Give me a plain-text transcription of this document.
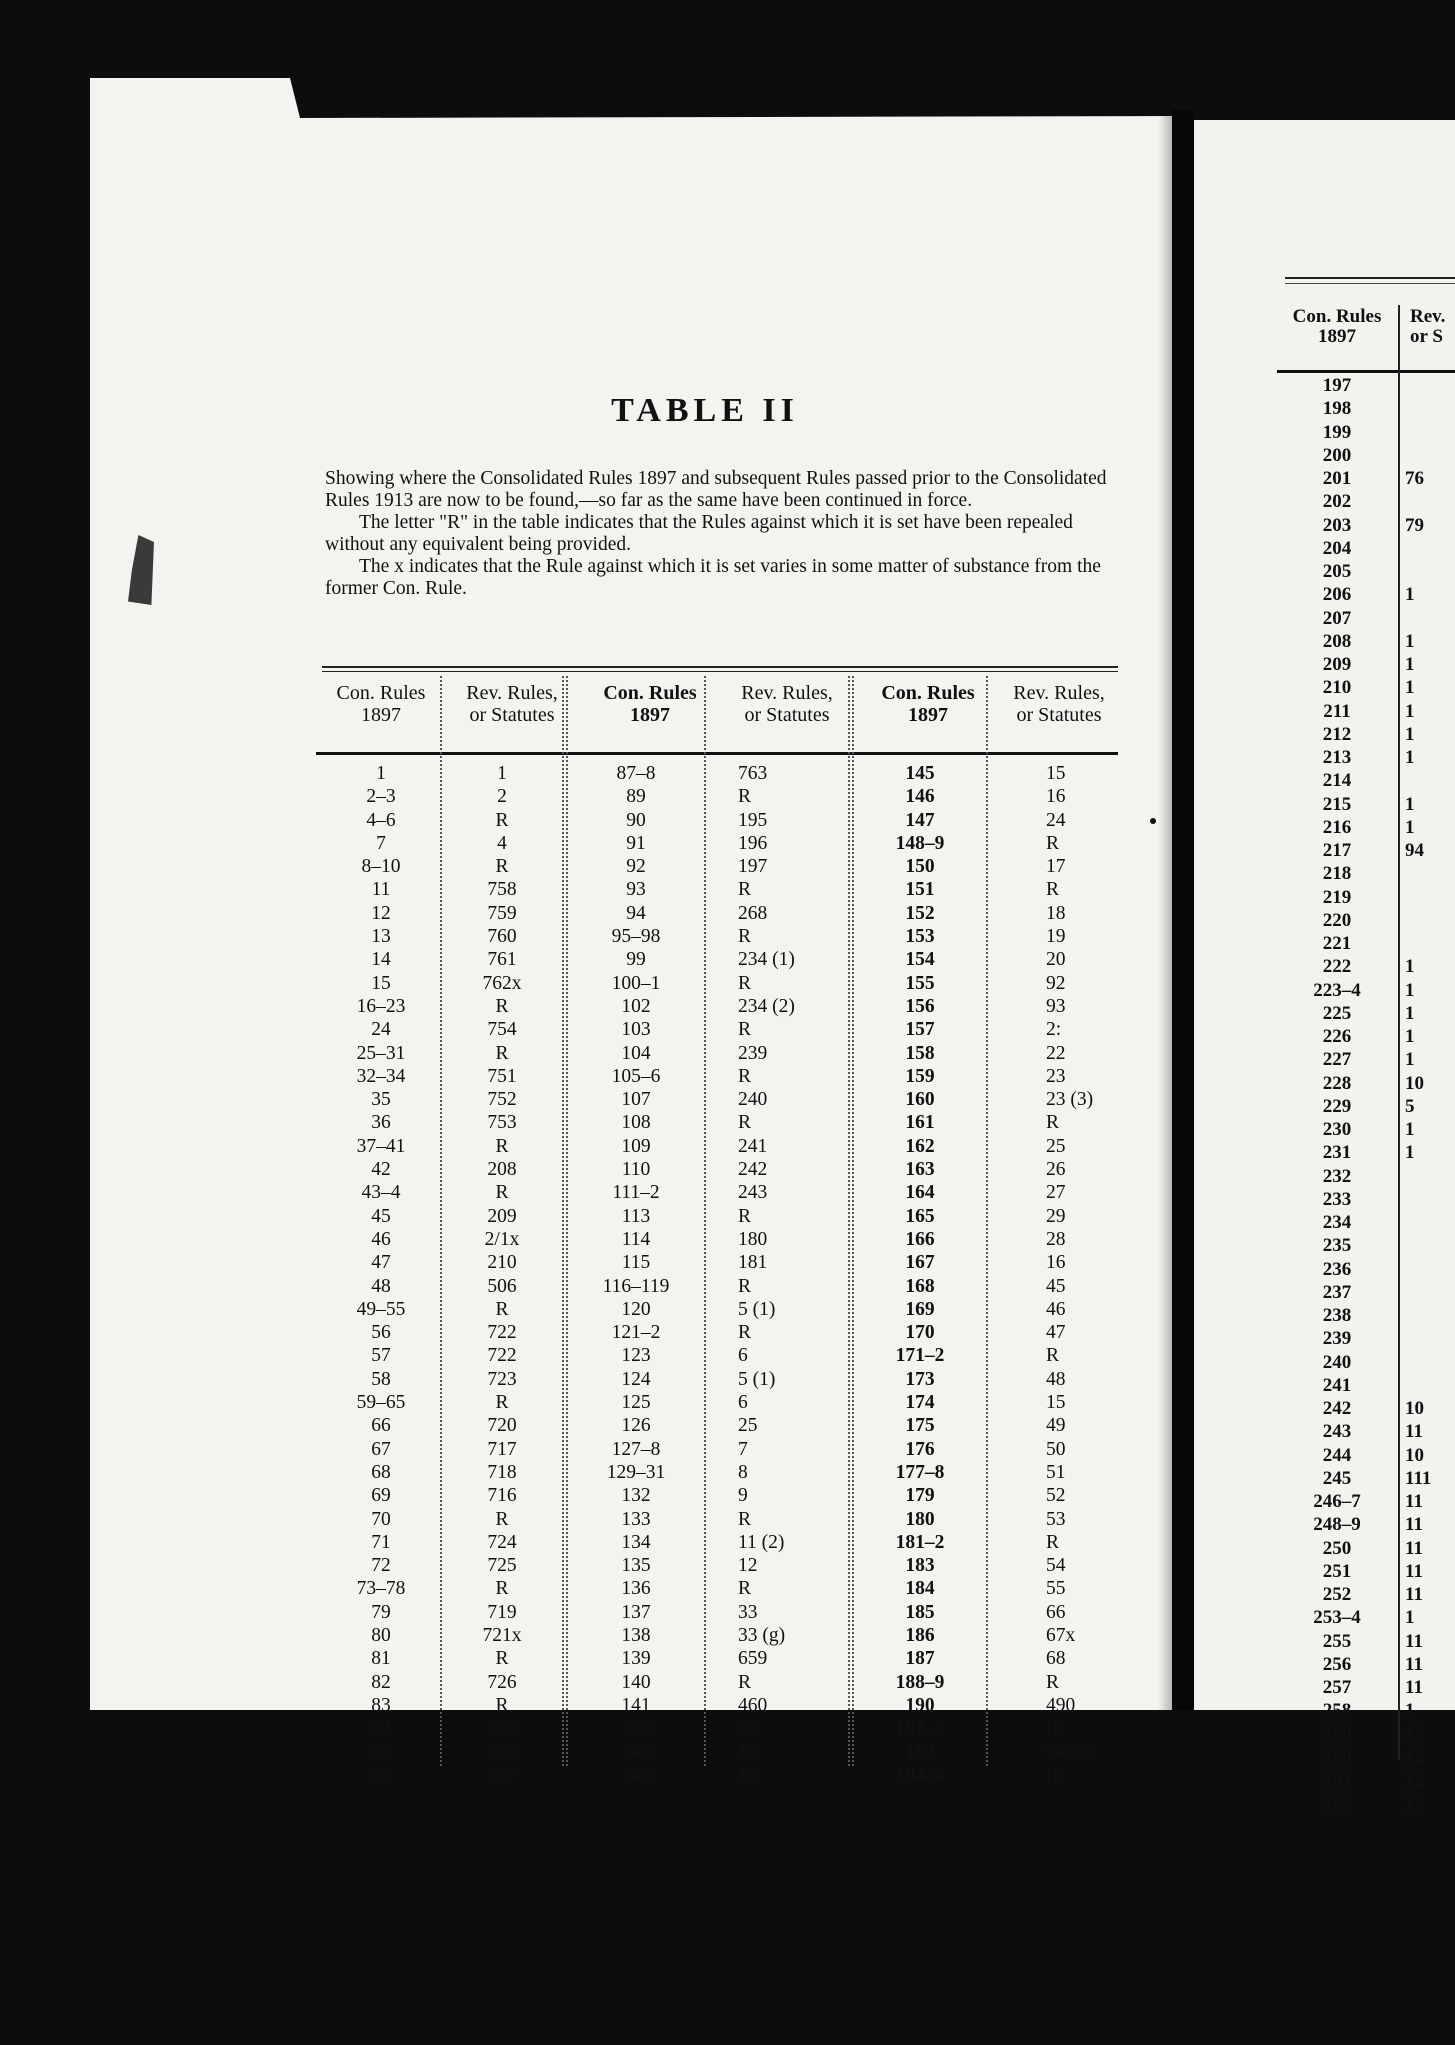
TABLE II

Showing where the Consolidated Rules 1897 and subsequent Rules passed prior to the Consolidated Rules 1913 are now to be found,—so far as the same have been continued in force.

The letter "R" in the table indicates that the Rules against which it is set have been repealed without any equivalent being provided.

The x indicates that the Rule against which it is set varies in some matter of substance from the former Con. Rule.

Con. Rules
1897
Rev. Rules,
or Statutes
Con. Rules
1897
Rev. Rules,
or Statutes
Con. Rules
1897
Rev. Rules,
or Statutes
1
2–3
4–6
7
8–10
11
12
13
14
15
16–23
24
25–31
32–34
35
36
37–41
42
43–4
45
46
47
48
49–55
56
57
58
59–65
66
67
68
69
70
71
72
73–78
79
80
81
82
83
84
85
86
1
2
R
4
R
758
759
760
761
762x
R
754
R
751
752
753
R
208
R
209
2/1x
210
506
R
722
722
723
R
720
717
718
716
R
724
725
R
719
721x
R
726
R
755
756
757
87–8
89
90
91
92
93
94
95–98
99
100–1
102
103
104
105–6
107
108
109
110
111–2
113
114
115
116–119
120
121–2
123
124
125
126
127–8
129–31
132
133
134
135
136
137
138
139
140
141
142
143
144
763
R
195
196
197
R
268
R
234 (1)
R
234 (2)
R
239
R
240
R
241
242
243
R
180
181
R
5 (1)
R
6
5 (1)
6
25
7
8
9
R
11 (2)
12
R
33
33 (g)
659
R
460
34
13
14
145
146
147
148–9
150
151
152
153
154
155
156
157
158
159
160
161
162
163
164
165
166
167
168
169
170
171–2
173
174
175
176
177–8
179
180
181–2
183
184
185
186
187
188–9
190
191–2
193
194–6
15
16
24
R
17
R
18
19
20
92
93
2:
22
23
23 (3)
R
25
26
27
29
28
16
45
46
47
R
48
15
49
50
51
52
53
R
54
55
66
67x
68
R
490
R
74 (1)
R
Con. Rules
1897
Rev.
or S
197
198
199
200
201
202
203
204
205
206
207
208
209
210
211
212
213
214
215
216
217
218
219
220
221
222
223–4
225
226
227
228
229
230
231
232
233
234
235
236
237
238
239
240
241
242
243
244
245
246–7
248–9
250
251
252
253–4
255
256
257
258
259
260
261
262
76
79
1
1
1
1
1
1
1
1
1
94
1
1
1
1
1
10
5
1
1
10
11
10
111
11
11
11
11
11
1
11
11
11
1
12
12
12
12
